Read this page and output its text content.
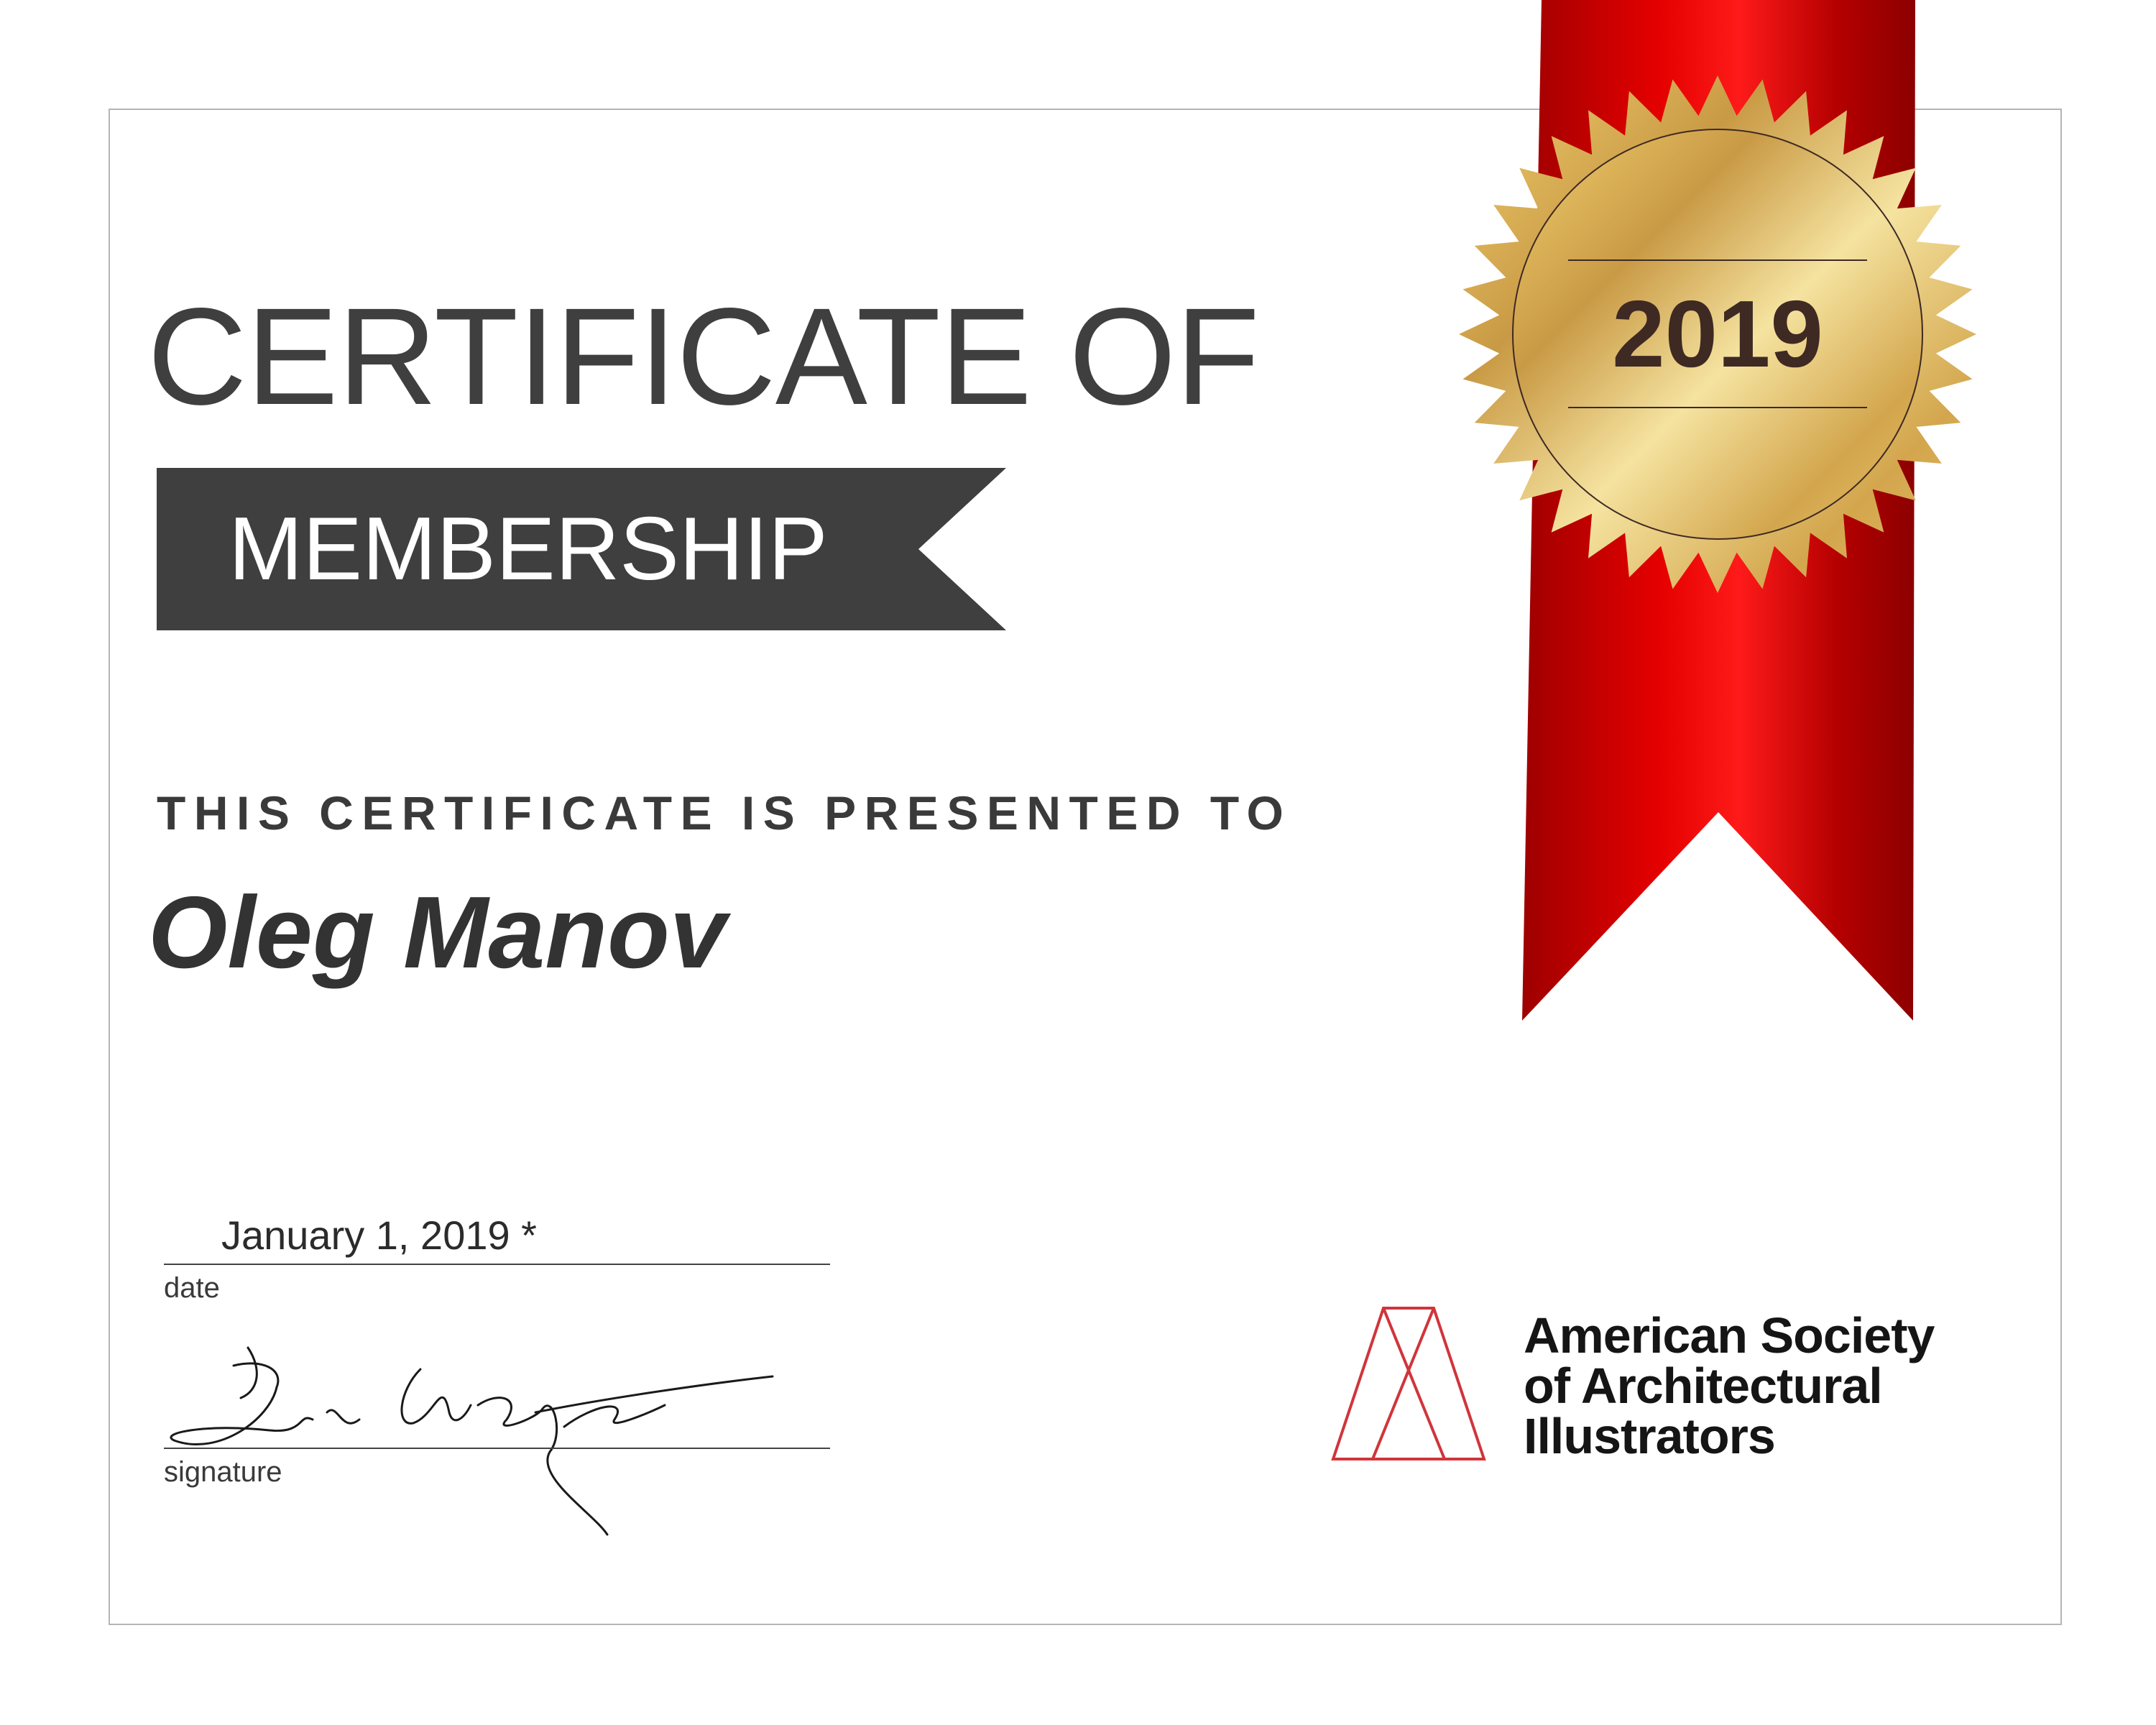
2019
CERTIFICATE OF
MEMBERSHIP
THIS CERTIFICATE IS PRESENTED TO
Oleg Manov
January 1, 2019 *
date
signature
American Society
of Architectural
Illustrators
